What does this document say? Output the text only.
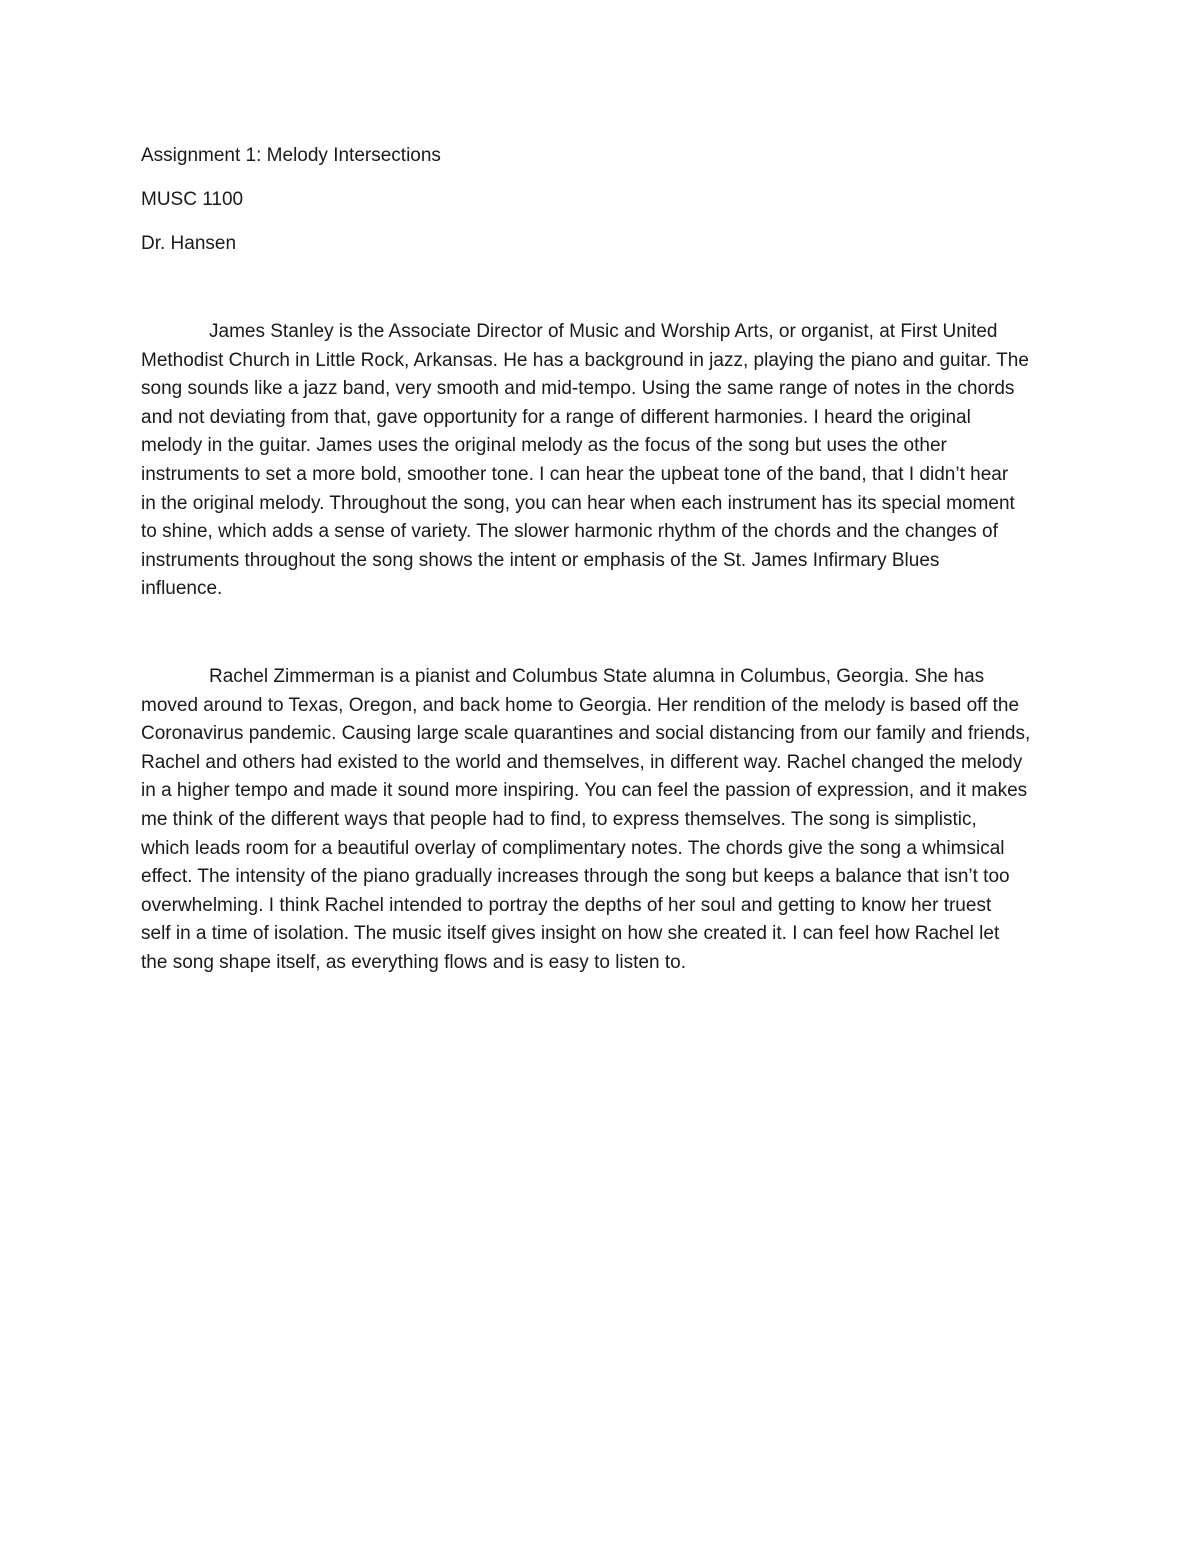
Assignment 1: Melody Intersections
MUSC 1100
Dr. Hansen

James Stanley is the Associate Director of Music and Worship Arts, or organist, at First United
Methodist Church in Little Rock, Arkansas. He has a background in jazz, playing the piano and guitar. The
song sounds like a jazz band, very smooth and mid-tempo. Using the same range of notes in the chords
and not deviating from that, gave opportunity for a range of different harmonies. I heard the original
melody in the guitar. James uses the original melody as the focus of the song but uses the other
instruments to set a more bold, smoother tone. I can hear the upbeat tone of the band, that I didn’t hear
in the original melody. Throughout the song, you can hear when each instrument has its special moment
to shine, which adds a sense of variety. The slower harmonic rhythm of the chords and the changes of
instruments throughout the song shows the intent or emphasis of the St. James Infirmary Blues
influence.

Rachel Zimmerman is a pianist and Columbus State alumna in Columbus, Georgia. She has
moved around to Texas, Oregon, and back home to Georgia. Her rendition of the melody is based off the
Coronavirus pandemic. Causing large scale quarantines and social distancing from our family and friends,
Rachel and others had existed to the world and themselves, in different way. Rachel changed the melody
in a higher tempo and made it sound more inspiring. You can feel the passion of expression, and it makes
me think of the different ways that people had to find, to express themselves. The song is simplistic,
which leads room for a beautiful overlay of complimentary notes. The chords give the song a whimsical
effect. The intensity of the piano gradually increases through the song but keeps a balance that isn’t too
overwhelming. I think Rachel intended to portray the depths of her soul and getting to know her truest
self in a time of isolation. The music itself gives insight on how she created it. I can feel how Rachel let
the song shape itself, as everything flows and is easy to listen to.
